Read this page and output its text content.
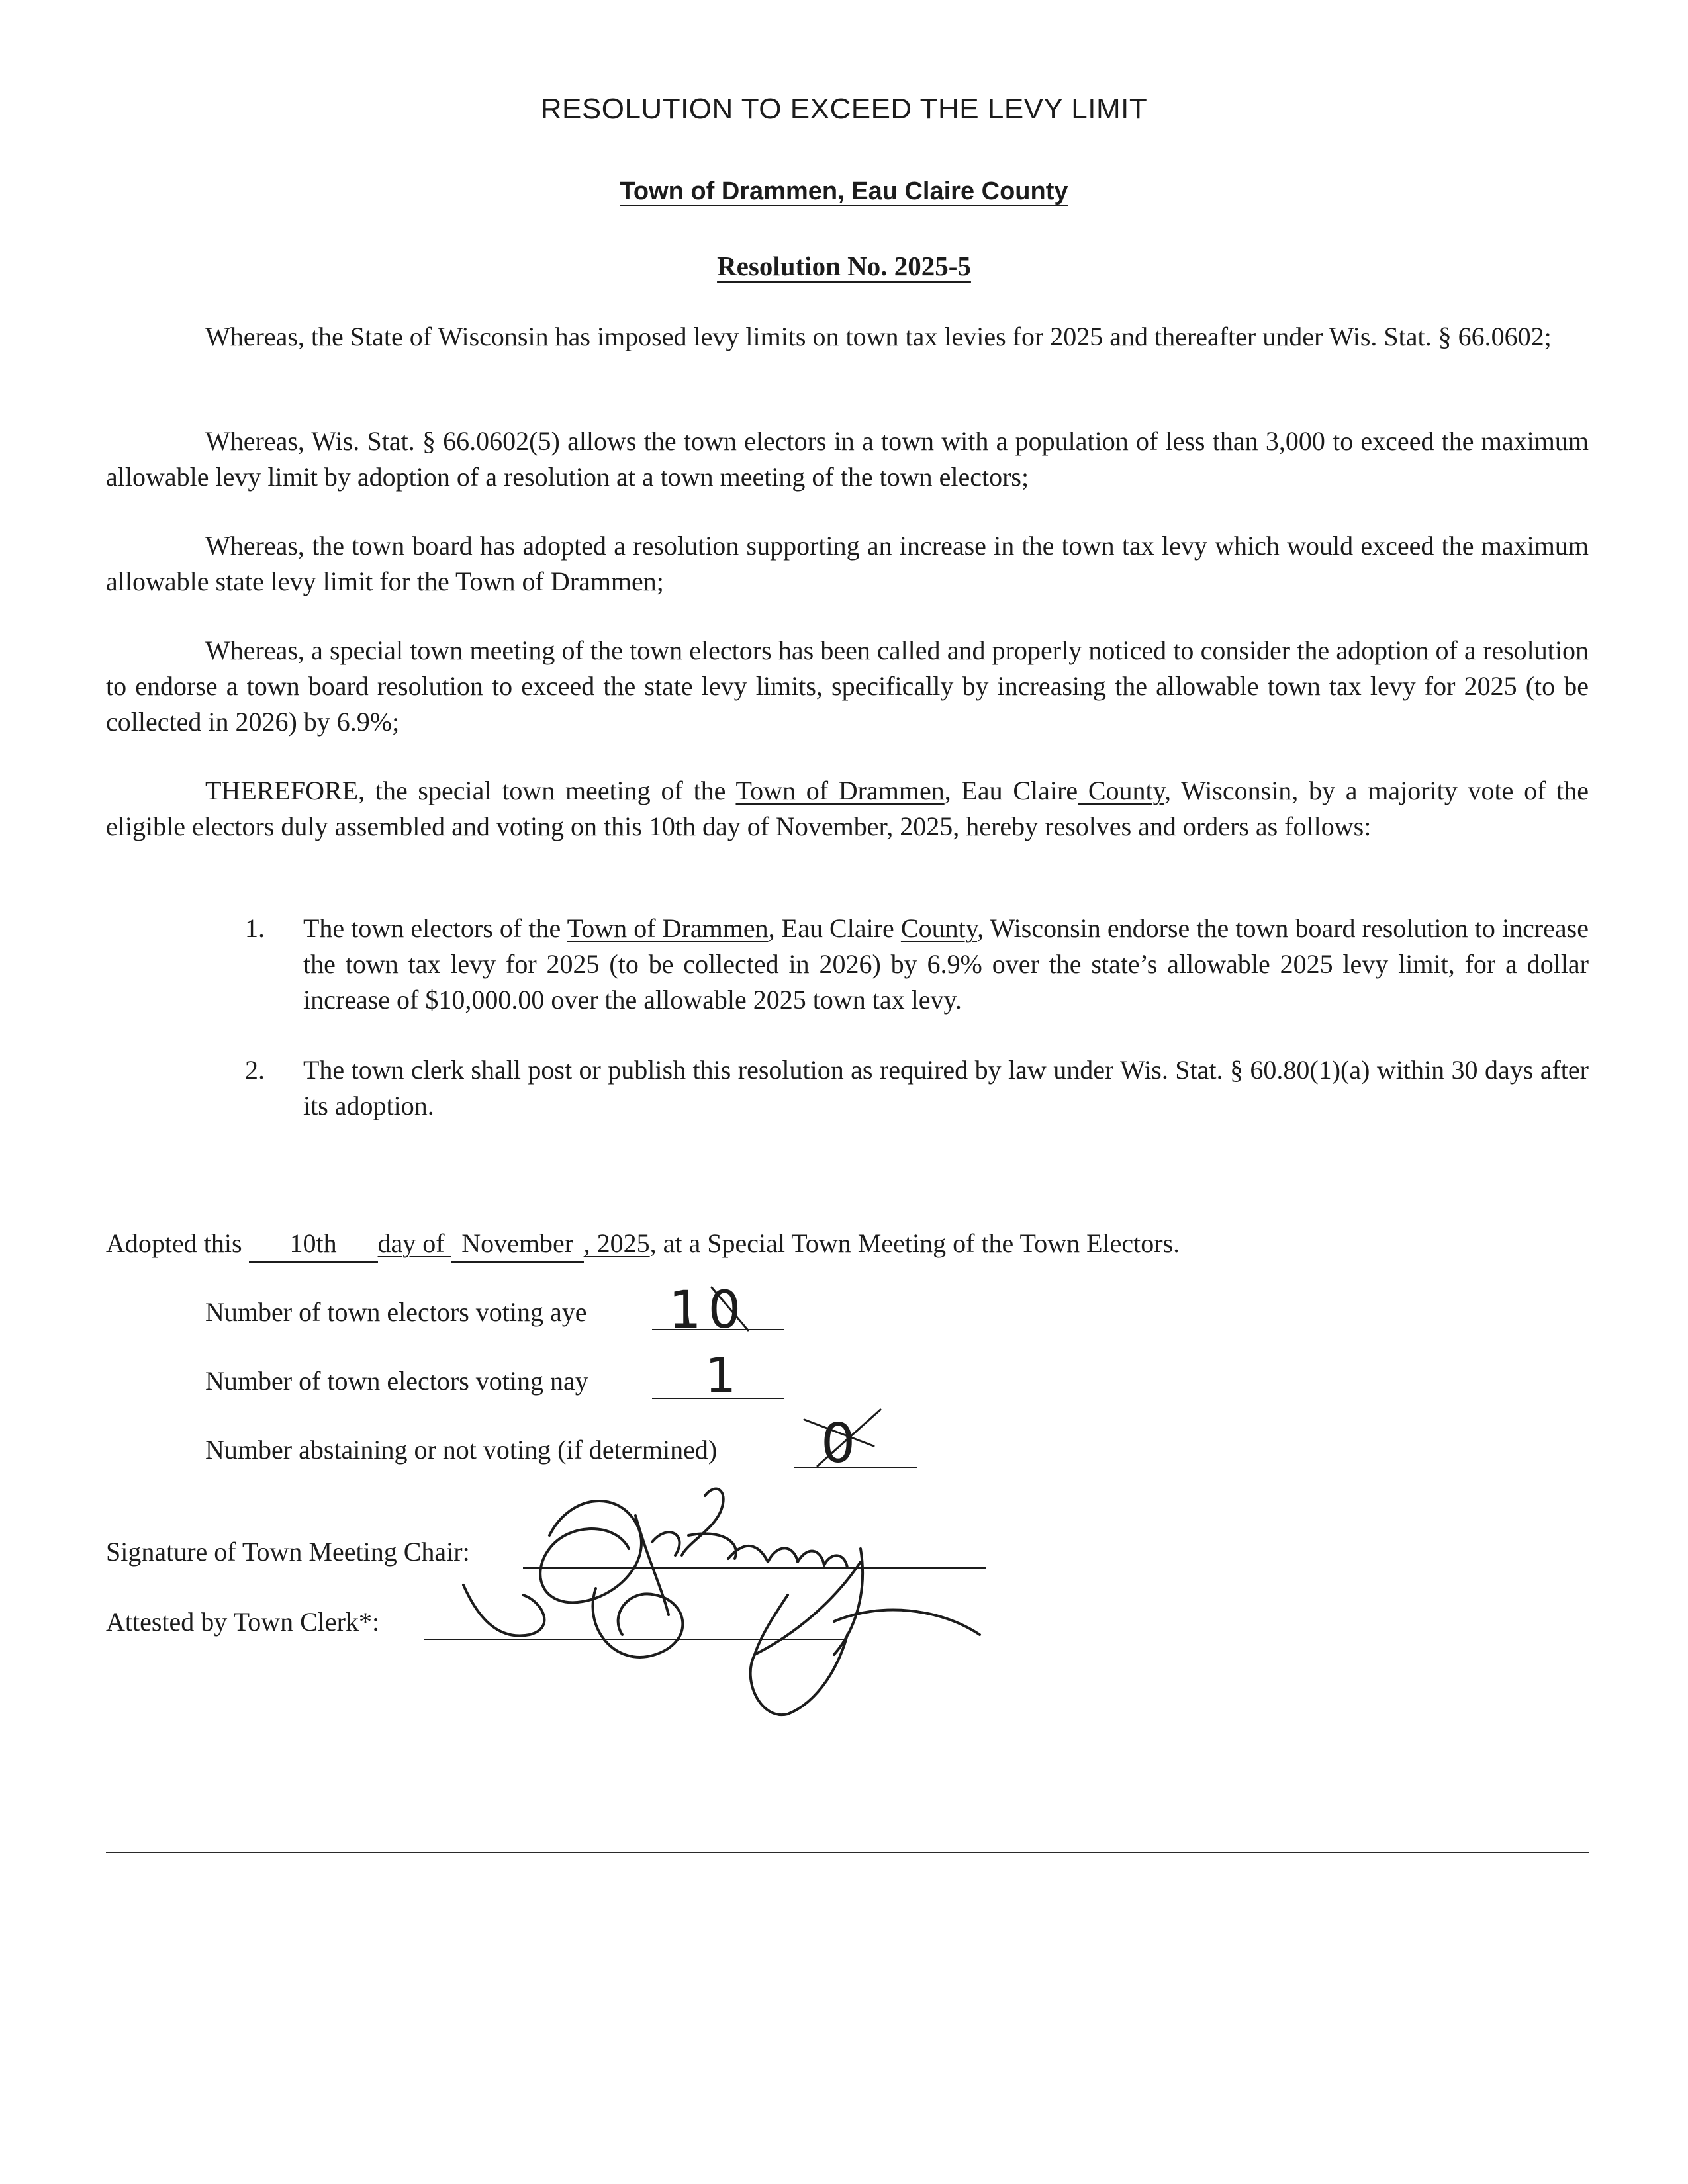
RESOLUTION TO EXCEED THE LEVY LIMIT
Town of Drammen, Eau Claire County
Resolution No. 2025-5
Whereas, the State of Wisconsin has imposed levy limits on town tax levies for 2025 and thereafter under Wis. Stat. § 66.0602;
Whereas, Wis. Stat. § 66.0602(5) allows the town electors in a town with a population of less than 3,000 to exceed the maximum allowable levy limit by adoption of a resolution at a town meeting of the town electors;
Whereas, the town board has adopted a resolution supporting an increase in the town tax levy which would exceed the maximum allowable state levy limit for the Town of Drammen;
Whereas, a special town meeting of the town electors has been called and properly noticed to consider the adoption of a resolution to endorse a town board resolution to exceed the state levy limits, specifically by increasing the allowable town tax levy for 2025 (to be collected in 2026) by 6.9%;
THEREFORE, the special town meeting of the Town of Drammen, Eau Claire County, Wisconsin, by a majority vote of the eligible electors duly assembled and voting on this 10th day of November, 2025, hereby resolves and orders as follows:
1.	The town electors of the Town of Drammen, Eau Claire County, Wisconsin endorse the town board resolution to increase the town tax levy for 2025 (to be collected in 2026) by 6.9% over the state’s allowable 2025 levy limit, for a dollar increase of $10,000.00 over the allowable 2025 town tax levy.
2.	The town clerk shall post or publish this resolution as required by law under Wis. Stat. § 60.80(1)(a) within 30 days after its adoption.
Adopted this 10th day of November , 2025, at a Special Town Meeting of the Town Electors.
Number of town electors voting aye 10
Number of town electors voting nay 1
Number abstaining or not voting (if determined) 0
Signature of Town Meeting Chair:
Attested by Town Clerk*:
